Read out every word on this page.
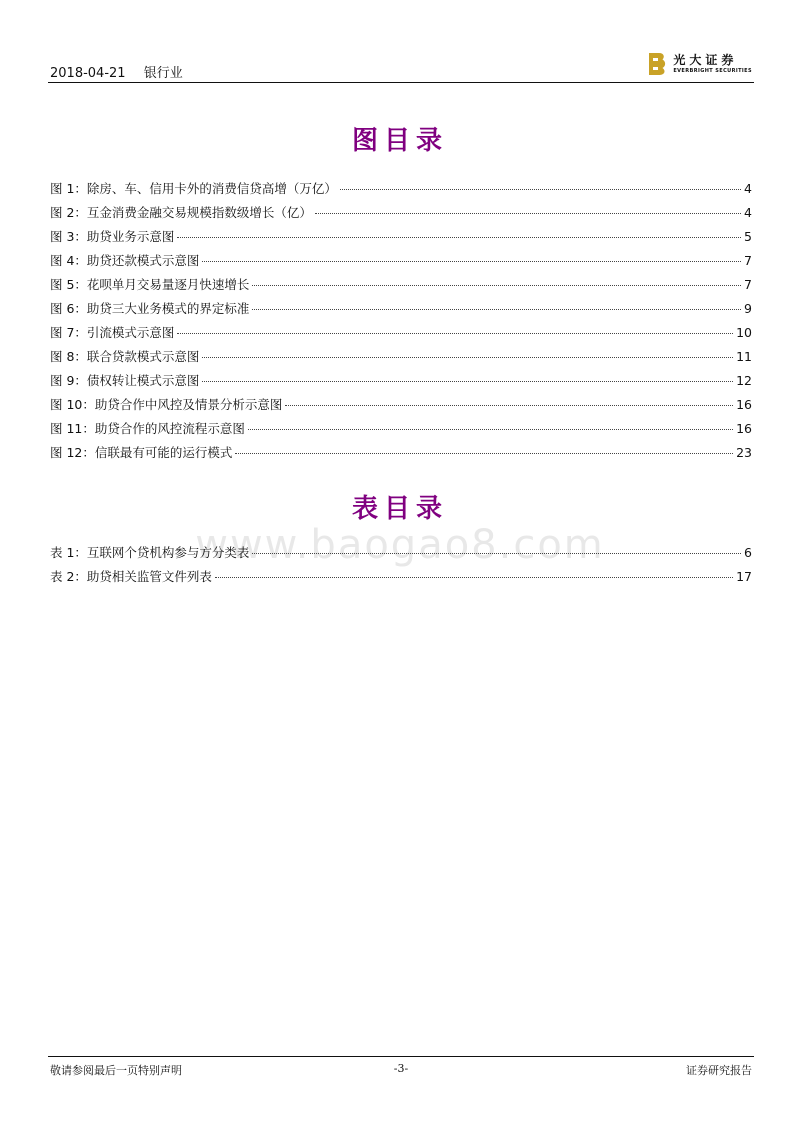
2018-04-21 银行业
光大证券
EVERBRIGHT SECURITIES
图目录
图 1：除房、车、信用卡外的消费信贷高增（万亿）	4
图 2：互金消费金融交易规模指数级增长（亿）	4
图 3：助贷业务示意图	5
图 4：助贷还款模式示意图	7
图 5：花呗单月交易量逐月快速增长	7
图 6：助贷三大业务模式的界定标准	9
图 7：引流模式示意图	10
图 8：联合贷款模式示意图	11
图 9：债权转让模式示意图	12
图 10：助贷合作中风控及情景分析示意图	16
图 11：助贷合作的风控流程示意图	16
图 12：信联最有可能的运行模式	23
www.baogao8.com
表目录
表 1：互联网个贷机构参与方分类表	6
表 2：助贷相关监管文件列表	17
敬请参阅最后一页特别声明	-3-	证券研究报告
